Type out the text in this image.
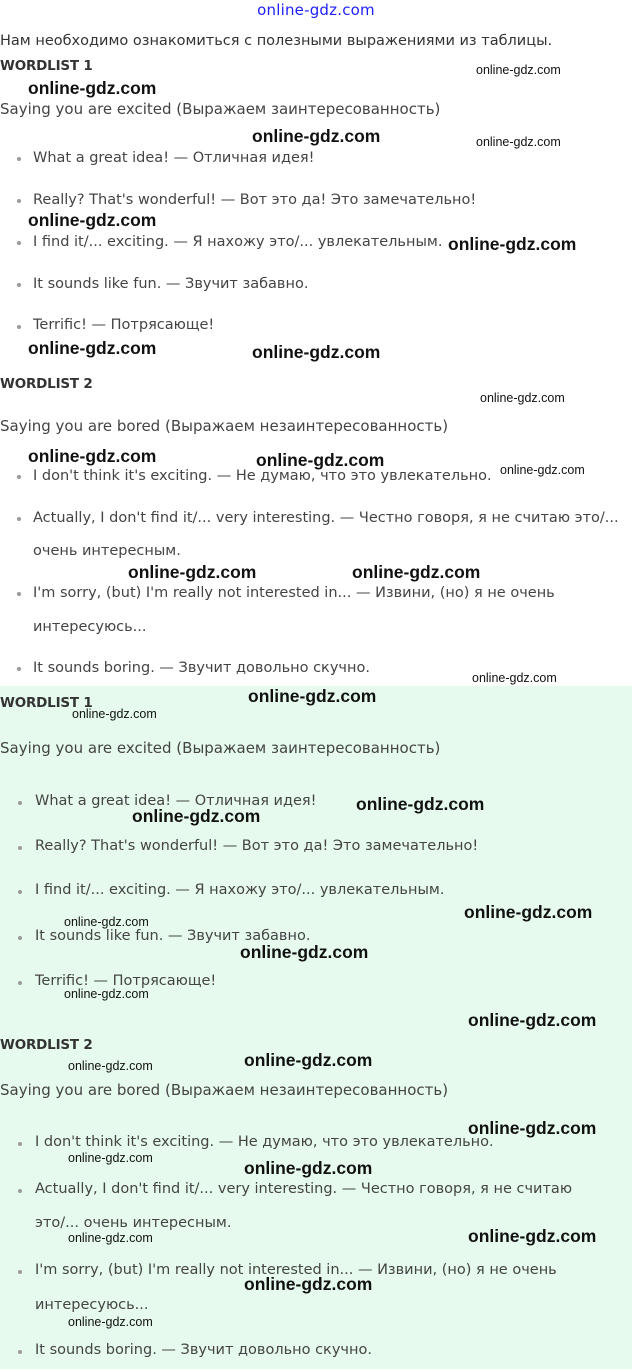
online-gdz.com
Нам необходимо ознакомиться с полезными выражениями из таблицы.
WORDLIST 1
Saying you are excited (Выражаем заинтересованность)
What a great idea! — Отличная идея!
Really? That's wonderful! — Вот это да! Это замечательно!
I find it/... exciting. — Я нахожу это/... увлекательным.
It sounds like fun. — Звучит забавно.
Terrific! — Потрясающе!
WORDLIST 2
Saying you are bored (Выражаем незаинтересованность)
I don't think it's exciting. — Не думаю, что это увлекательно.
Actually, I don't find it/... very interesting. — Честно говоря, я не считаю это/...
очень интересным.
I'm sorry, (but) I'm really not interested in... — Извини, (но) я не очень
интересуюсь...
It sounds boring. — Звучит довольно скучно.
WORDLIST 1
Saying you are excited (Выражаем заинтересованность)
What a great idea! — Отличная идея!
Really? That's wonderful! — Вот это да! Это замечательно!
I find it/... exciting. — Я нахожу это/... увлекательным.
It sounds like fun. — Звучит забавно.
Terrific! — Потрясающе!
WORDLIST 2
Saying you are bored (Выражаем незаинтересованность)
I don't think it's exciting. — Не думаю, что это увлекательно.
Actually, I don't find it/... very interesting. — Честно говоря, я не считаю
это/... очень интересным.
I'm sorry, (but) I'm really not interested in... — Извини, (но) я не очень
интересуюсь...
It sounds boring. — Звучит довольно скучно.
online-gdz.com
online-gdz.com
online-gdz.com	online-gdz.com
online-gdz.com
online-gdz.com
online-gdz.com	online-gdz.com
online-gdz.com
online-gdz.com	online-gdz.com	online-gdz.com
online-gdz.com	online-gdz.com
online-gdz.com
online-gdz.com
online-gdz.com
online-gdz.com
online-gdz.com
online-gdz.com
online-gdz.com
online-gdz.com
online-gdz.com
online-gdz.com
online-gdz.com
online-gdz.com
online-gdz.com
online-gdz.com	online-gdz.com
online-gdz.com
online-gdz.com
online-gdz.com
online-gdz.com
